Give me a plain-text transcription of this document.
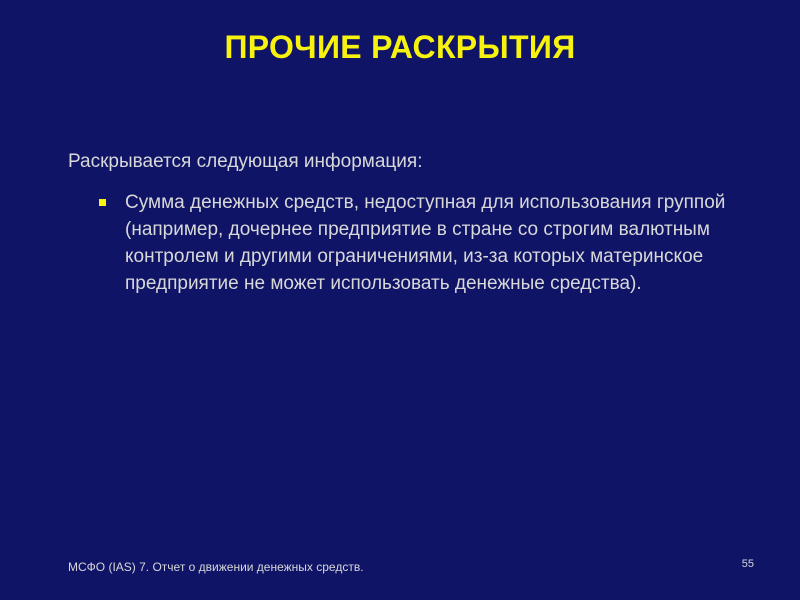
ПРОЧИЕ РАСКРЫТИЯ
Раскрывается следующая информация:
Сумма денежных средств, недоступная для использования группой (например, дочернее предприятие в стране со строгим валютным контролем и другими ограничениями, из-за которых материнское предприятие не может использовать денежные средства).
МСФО (IAS) 7. Отчет о движении денежных средств.	55
